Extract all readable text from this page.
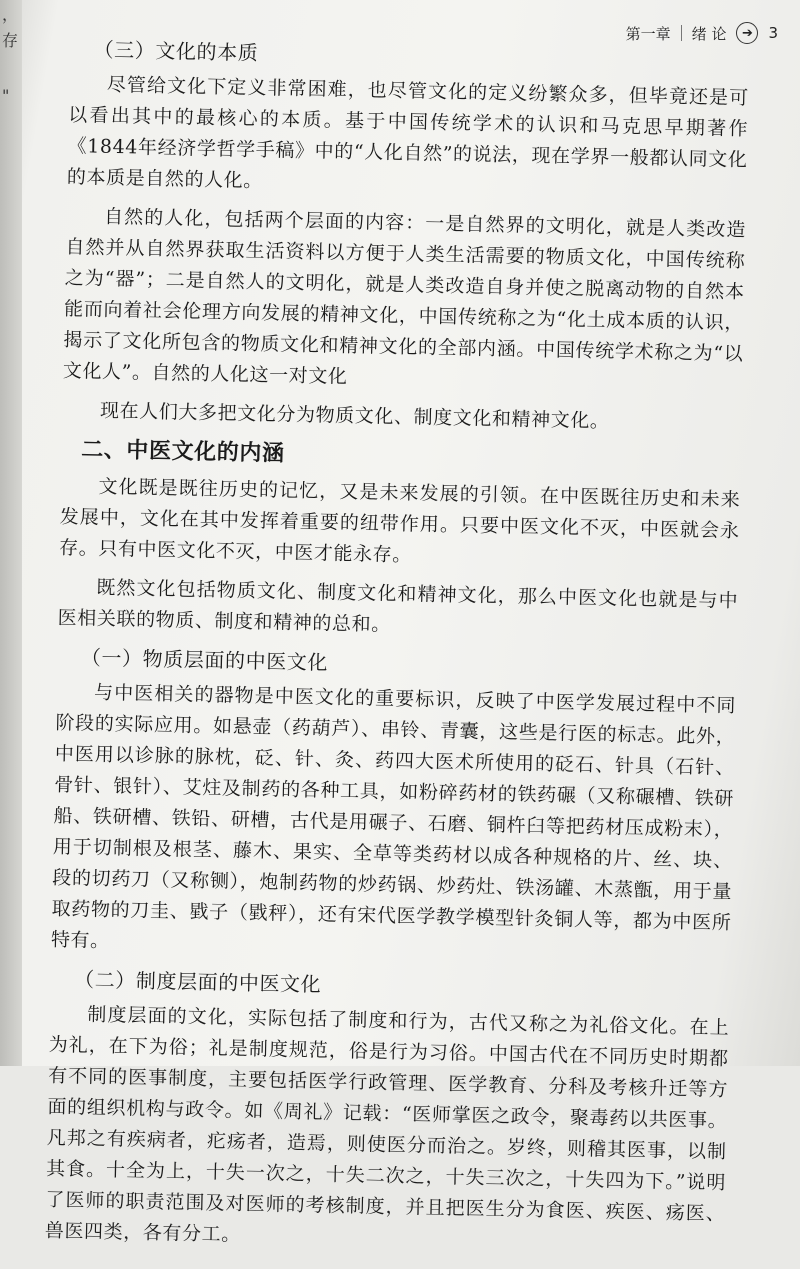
，
存
"
第一章 绪 论	➔	3
（三）文化的本质

尽管给文化下定义非常困难，也尽管文化的定义纷繁众多，但毕竟还是可以看出其中的最核心的本质。基于中国传统学术的认识和马克思早期著作《1844年经济学哲学手稿》中的“人化自然”的说法，现在学界一般都认同文化的本质是自然的人化。

自然的人化，包括两个层面的内容：一是自然界的文明化，就是人类改造自然并从自然界获取生活资料以方便于人类生活需要的物质文化，中国传统称之为“器”；二是自然人的文明化，就是人类改造自身并使之脱离动物的自然本能而向着社会伦理方向发展的精神文化，中国传统称之为“化土成本质的认识，揭示了文化所包含的物质文化和精神文化的全部内涵。中国传统学术称之为“以文化人”。自然的人化这一对文化

现在人们大多把文化分为物质文化、制度文化和精神文化。

二、中医文化的内涵

文化既是既往历史的记忆，又是未来发展的引领。在中医既往历史和未来发展中，文化在其中发挥着重要的纽带作用。只要中医文化不灭，中医就会永存。只有中医文化不灭，中医才能永存。

既然文化包括物质文化、制度文化和精神文化，那么中医文化也就是与中医相关联的物质、制度和精神的总和。

（一）物质层面的中医文化

与中医相关的器物是中医文化的重要标识，反映了中医学发展过程中不同阶段的实际应用。如悬壶（药葫芦）、串铃、青囊，这些是行医的标志。此外，中医用以诊脉的脉枕，砭、针、灸、药四大医术所使用的砭石、针具（石针、骨针、银针）、艾炷及制药的各种工具，如粉碎药材的铁药碾（又称碾槽、铁研船、铁研槽、铁铅、研槽，古代是用碾子、石磨、铜杵臼等把药材压成粉末），用于切制根及根茎、藤木、果实、全草等类药材以成各种规格的片、丝、块、段的切药刀（又称铡），炮制药物的炒药锅、炒药灶、铁汤罐、木蒸甑，用于量取药物的刀圭、戥子（戥秤），还有宋代医学教学模型针灸铜人等，都为中医所特有。

（二）制度层面的中医文化

制度层面的文化，实际包括了制度和行为，古代又称之为礼俗文化。在上为礼，在下为俗；礼是制度规范，俗是行为习俗。中国古代在不同历史时期都有不同的医事制度，主要包括医学行政管理、医学教育、分科及考核升迁等方面的组织机构与政令。如《周礼》记载：“医师掌医之政令，聚毒药以共医事。凡邦之有疾病者，疕疡者，造焉，则使医分而治之。岁终，则稽其医事，以制其食。十全为上，十失一次之，十失二次之，十失三次之，十失四为下。”说明了医师的职责范围及对医师的考核制度，并且把医生分为食医、疾医、疡医、兽医四类，各有分工。
